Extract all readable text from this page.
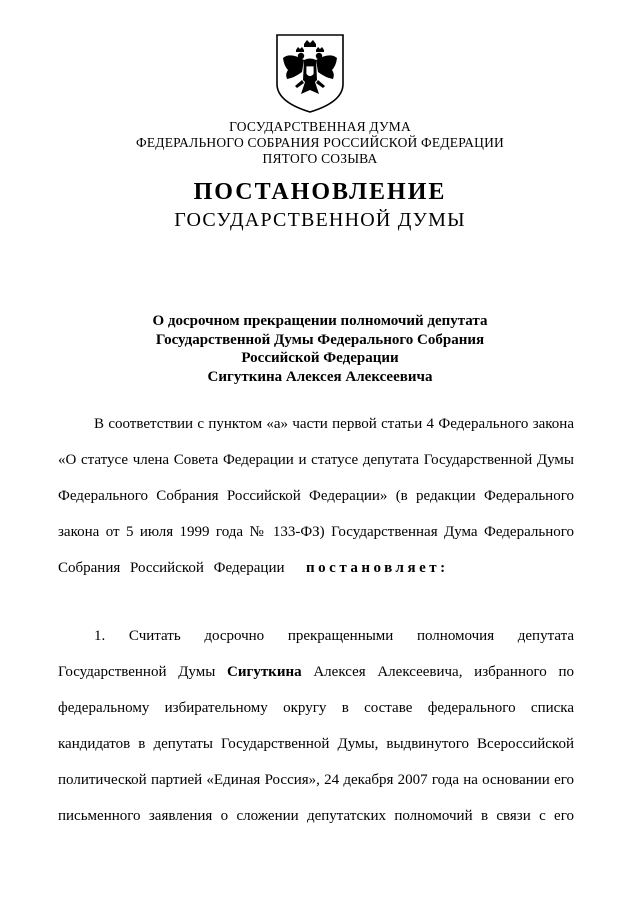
ГОСУДАРСТВЕННАЯ ДУМА
ФЕДЕРАЛЬНОГО СОБРАНИЯ РОССИЙСКОЙ ФЕДЕРАЦИИ
ПЯТОГО СОЗЫВА
ПОСТАНОВЛЕНИЕ
ГОСУДАРСТВЕННОЙ ДУМЫ
О досрочном прекращении полномочий депутата
Государственной Думы Федерального Собрания
Российской Федерации
Сигуткина Алексея Алексеевича
В соответствии с пунктом «а» части первой статьи 4 Федерального закона
«О статусе члена Совета Федерации и статусе депутата Государственной Думы
Федерального Собрания Российской Федерации» (в редакции Федерального
закона от 5 июля 1999 года № 133-ФЗ) Государственная Дума Федерального
Собрания Российской Федерации постановляет:
1. Считать досрочно прекращенными полномочия депутата
Государственной Думы Сигуткина Алексея Алексеевича, избранного по
федеральному избирательному округу в составе федерального списка
кандидатов в депутаты Государственной Думы, выдвинутого Всероссийской
политической партией «Единая Россия», 24 декабря 2007 года на основании его
письменного заявления о сложении депутатских полномочий в связи с его
